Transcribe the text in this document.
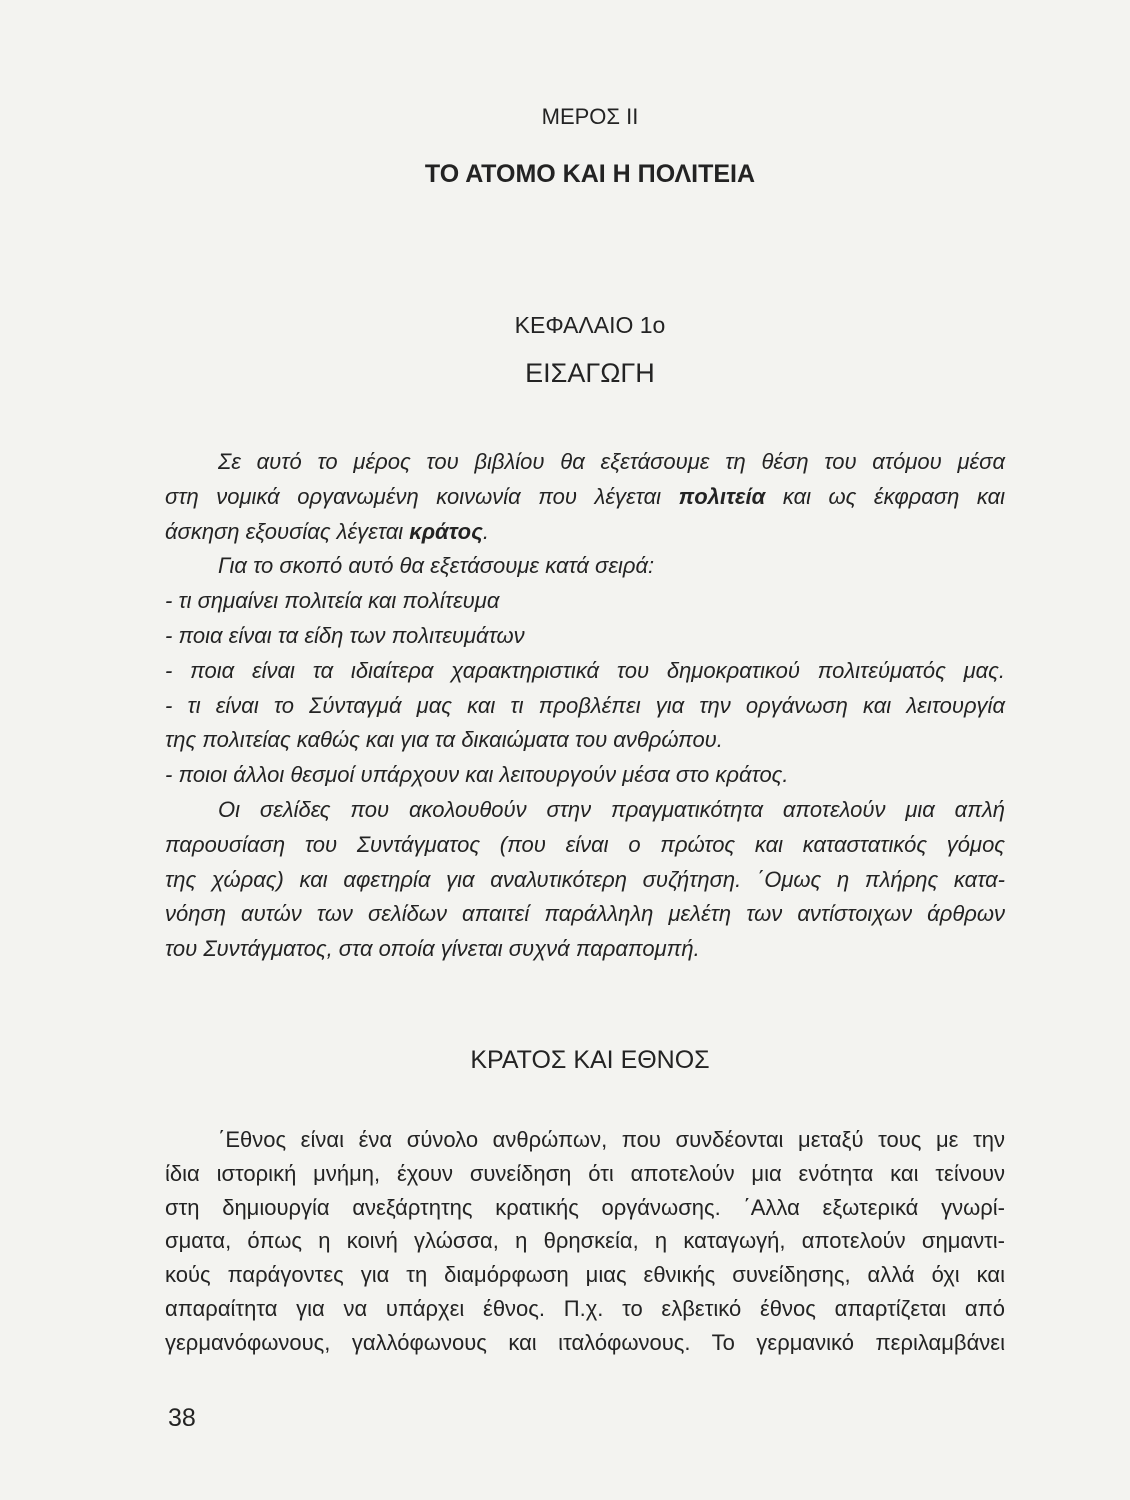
ΜΕΡΟΣ ΙΙ
ΤΟ ΑΤΟΜΟ ΚΑΙ Η ΠΟΛΙΤΕΙΑ
ΚΕΦΑΛΑΙΟ 1ο
ΕΙΣΑΓΩΓΗ
Σε αυτό το μέρος του βιβλίου θα εξετάσουμε τη θέση του ατόμου μέσα
στη νομικά οργανωμένη κοινωνία που λέγεται πολιτεία και ως έκφραση και
άσκηση εξουσίας λέγεται κράτος.
Για το σκοπό αυτό θα εξετάσουμε κατά σειρά:
- τι σημαίνει πολιτεία και πολίτευμα
- ποια είναι τα είδη των πολιτευμάτων
- ποια είναι τα ιδιαίτερα χαρακτηριστικά του δημοκρατικού πολιτεύματός μας.
- τι είναι το Σύνταγμά μας και τι προβλέπει για την οργάνωση και λειτουργία
της πολιτείας καθώς και για τα δικαιώματα του ανθρώπου.
- ποιοι άλλοι θεσμοί υπάρχουν και λειτουργούν μέσα στο κράτος.
Οι σελίδες που ακολουθούν στην πραγματικότητα αποτελούν μια απλή
παρουσίαση του Συντάγματος (που είναι ο πρώτος και καταστατικός γόμος
της χώρας) και αφετηρία για αναλυτικότερη συζήτηση. ΄Ομως η πλήρης κατα-
νόηση αυτών των σελίδων απαιτεί παράλληλη μελέτη των αντίστοιχων άρθρων
του Συντάγματος, στα οποία γίνεται συχνά παραπομπή.
ΚΡΑΤΟΣ ΚΑΙ ΕΘΝΟΣ
΄Εθνος είναι ένα σύνολο ανθρώπων, που συνδέονται μεταξύ τους με την
ίδια ιστορική μνήμη, έχουν συνείδηση ότι αποτελούν μια ενότητα και τείνουν
στη δημιουργία ανεξάρτητης κρατικής οργάνωσης. ΄Αλλα εξωτερικά γνωρί-
σματα, όπως η κοινή γλώσσα, η θρησκεία, η καταγωγή, αποτελούν σημαντι-
κούς παράγοντες για τη διαμόρφωση μιας εθνικής συνείδησης, αλλά όχι και
απαραίτητα για να υπάρχει έθνος. Π.χ. το ελβετικό έθνος απαρτίζεται από
γερμανόφωνους, γαλλόφωνους και ιταλόφωνους. Το γερμανικό περιλαμβάνει
38
